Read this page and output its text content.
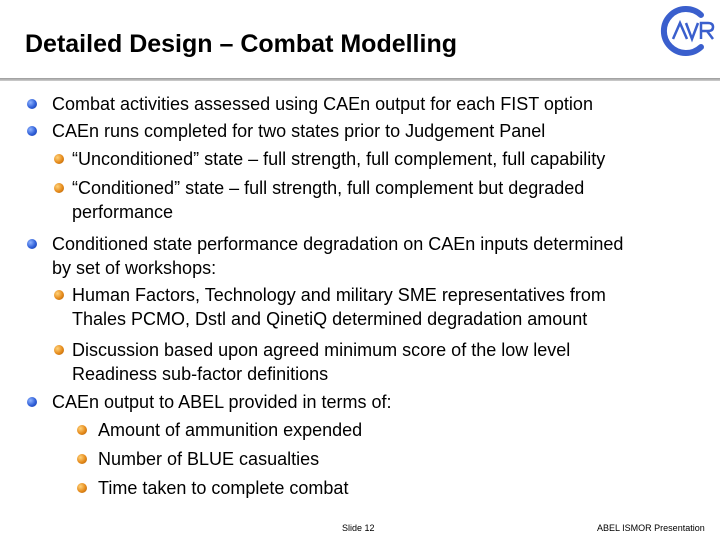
Detailed Design – Combat Modelling
Combat activities assessed using CAEn output for each FIST option
CAEn runs completed for two states prior to Judgement Panel
“Unconditioned” state – full strength, full complement, full capability
“Conditioned” state – full strength, full complement but degraded
performance
Conditioned state performance degradation on CAEn inputs determined
by set of workshops:
Human Factors, Technology and military SME representatives from
Thales PCMO, Dstl and QinetiQ determined degradation amount
Discussion based upon agreed minimum score of the low level
Readiness sub-factor definitions
CAEn output to ABEL provided in terms of:
Amount of ammunition expended
Number of BLUE casualties
Time taken to complete combat
Slide 12	ABEL ISMOR Presentation
